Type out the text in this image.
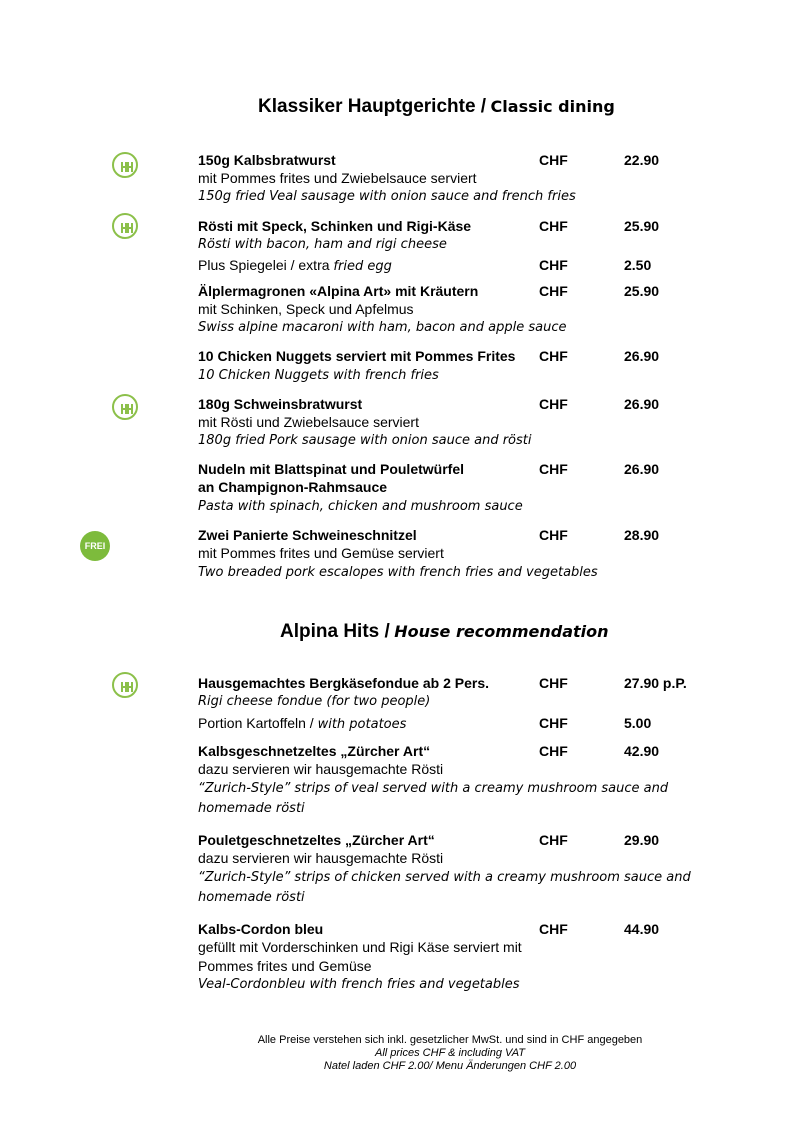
Klassiker Hauptgerichte / Classic dining
FREI
150g Kalbsbratwurst	CHF	22.90
mit Pommes frites und Zwiebelsauce serviert
150g fried Veal sausage with onion sauce and french fries
Rösti mit Speck, Schinken und Rigi-Käse	CHF	25.90
Rösti with bacon, ham and rigi cheese
Plus Spiegelei / extra fried egg	CHF	2.50
Älplermagronen «Alpina Art» mit Kräutern	CHF	25.90
mit Schinken, Speck und Apfelmus
Swiss alpine macaroni with ham, bacon and apple sauce
10 Chicken Nuggets serviert mit Pommes Frites CHF	26.90
10 Chicken Nuggets with french fries
180g Schweinsbratwurst	CHF	26.90
mit Rösti und Zwiebelsauce serviert
180g fried Pork sausage with onion sauce and rösti
Nudeln mit Blattspinat und Pouletwürfel	CHF	26.90
an Champignon-Rahmsauce
Pasta with spinach, chicken and mushroom sauce
Zwei Panierte Schweineschnitzel	CHF	28.90
mit Pommes frites und Gemüse serviert
Two breaded pork escalopes with french fries and vegetables
Alpina Hits / House recommendation
Hausgemachtes Bergkäsefondue ab 2 Pers.	CHF	27.90 p.P.
Rigi cheese fondue (for two people)
Portion Kartoffeln / with potatoes	CHF	5.00
Kalbsgeschnetzeltes „Zürcher Art“	CHF	42.90
dazu servieren wir hausgemachte Rösti
“Zurich-Style” strips of veal served with a creamy mushroom sauce and
homemade rösti
Pouletgeschnetzeltes „Zürcher Art“	CHF	29.90
dazu servieren wir hausgemachte Rösti
“Zurich-Style” strips of chicken served with a creamy mushroom sauce and
homemade rösti
Kalbs-Cordon bleu	CHF	44.90
gefüllt mit Vorderschinken und Rigi Käse serviert mit
Pommes frites und Gemüse
Veal-Cordonbleu with french fries and vegetables
Alle Preise verstehen sich inkl. gesetzlicher MwSt. und sind in CHF angegeben
All prices CHF & including VAT
Natel laden CHF 2.00/ Menu Änderungen CHF 2.00
